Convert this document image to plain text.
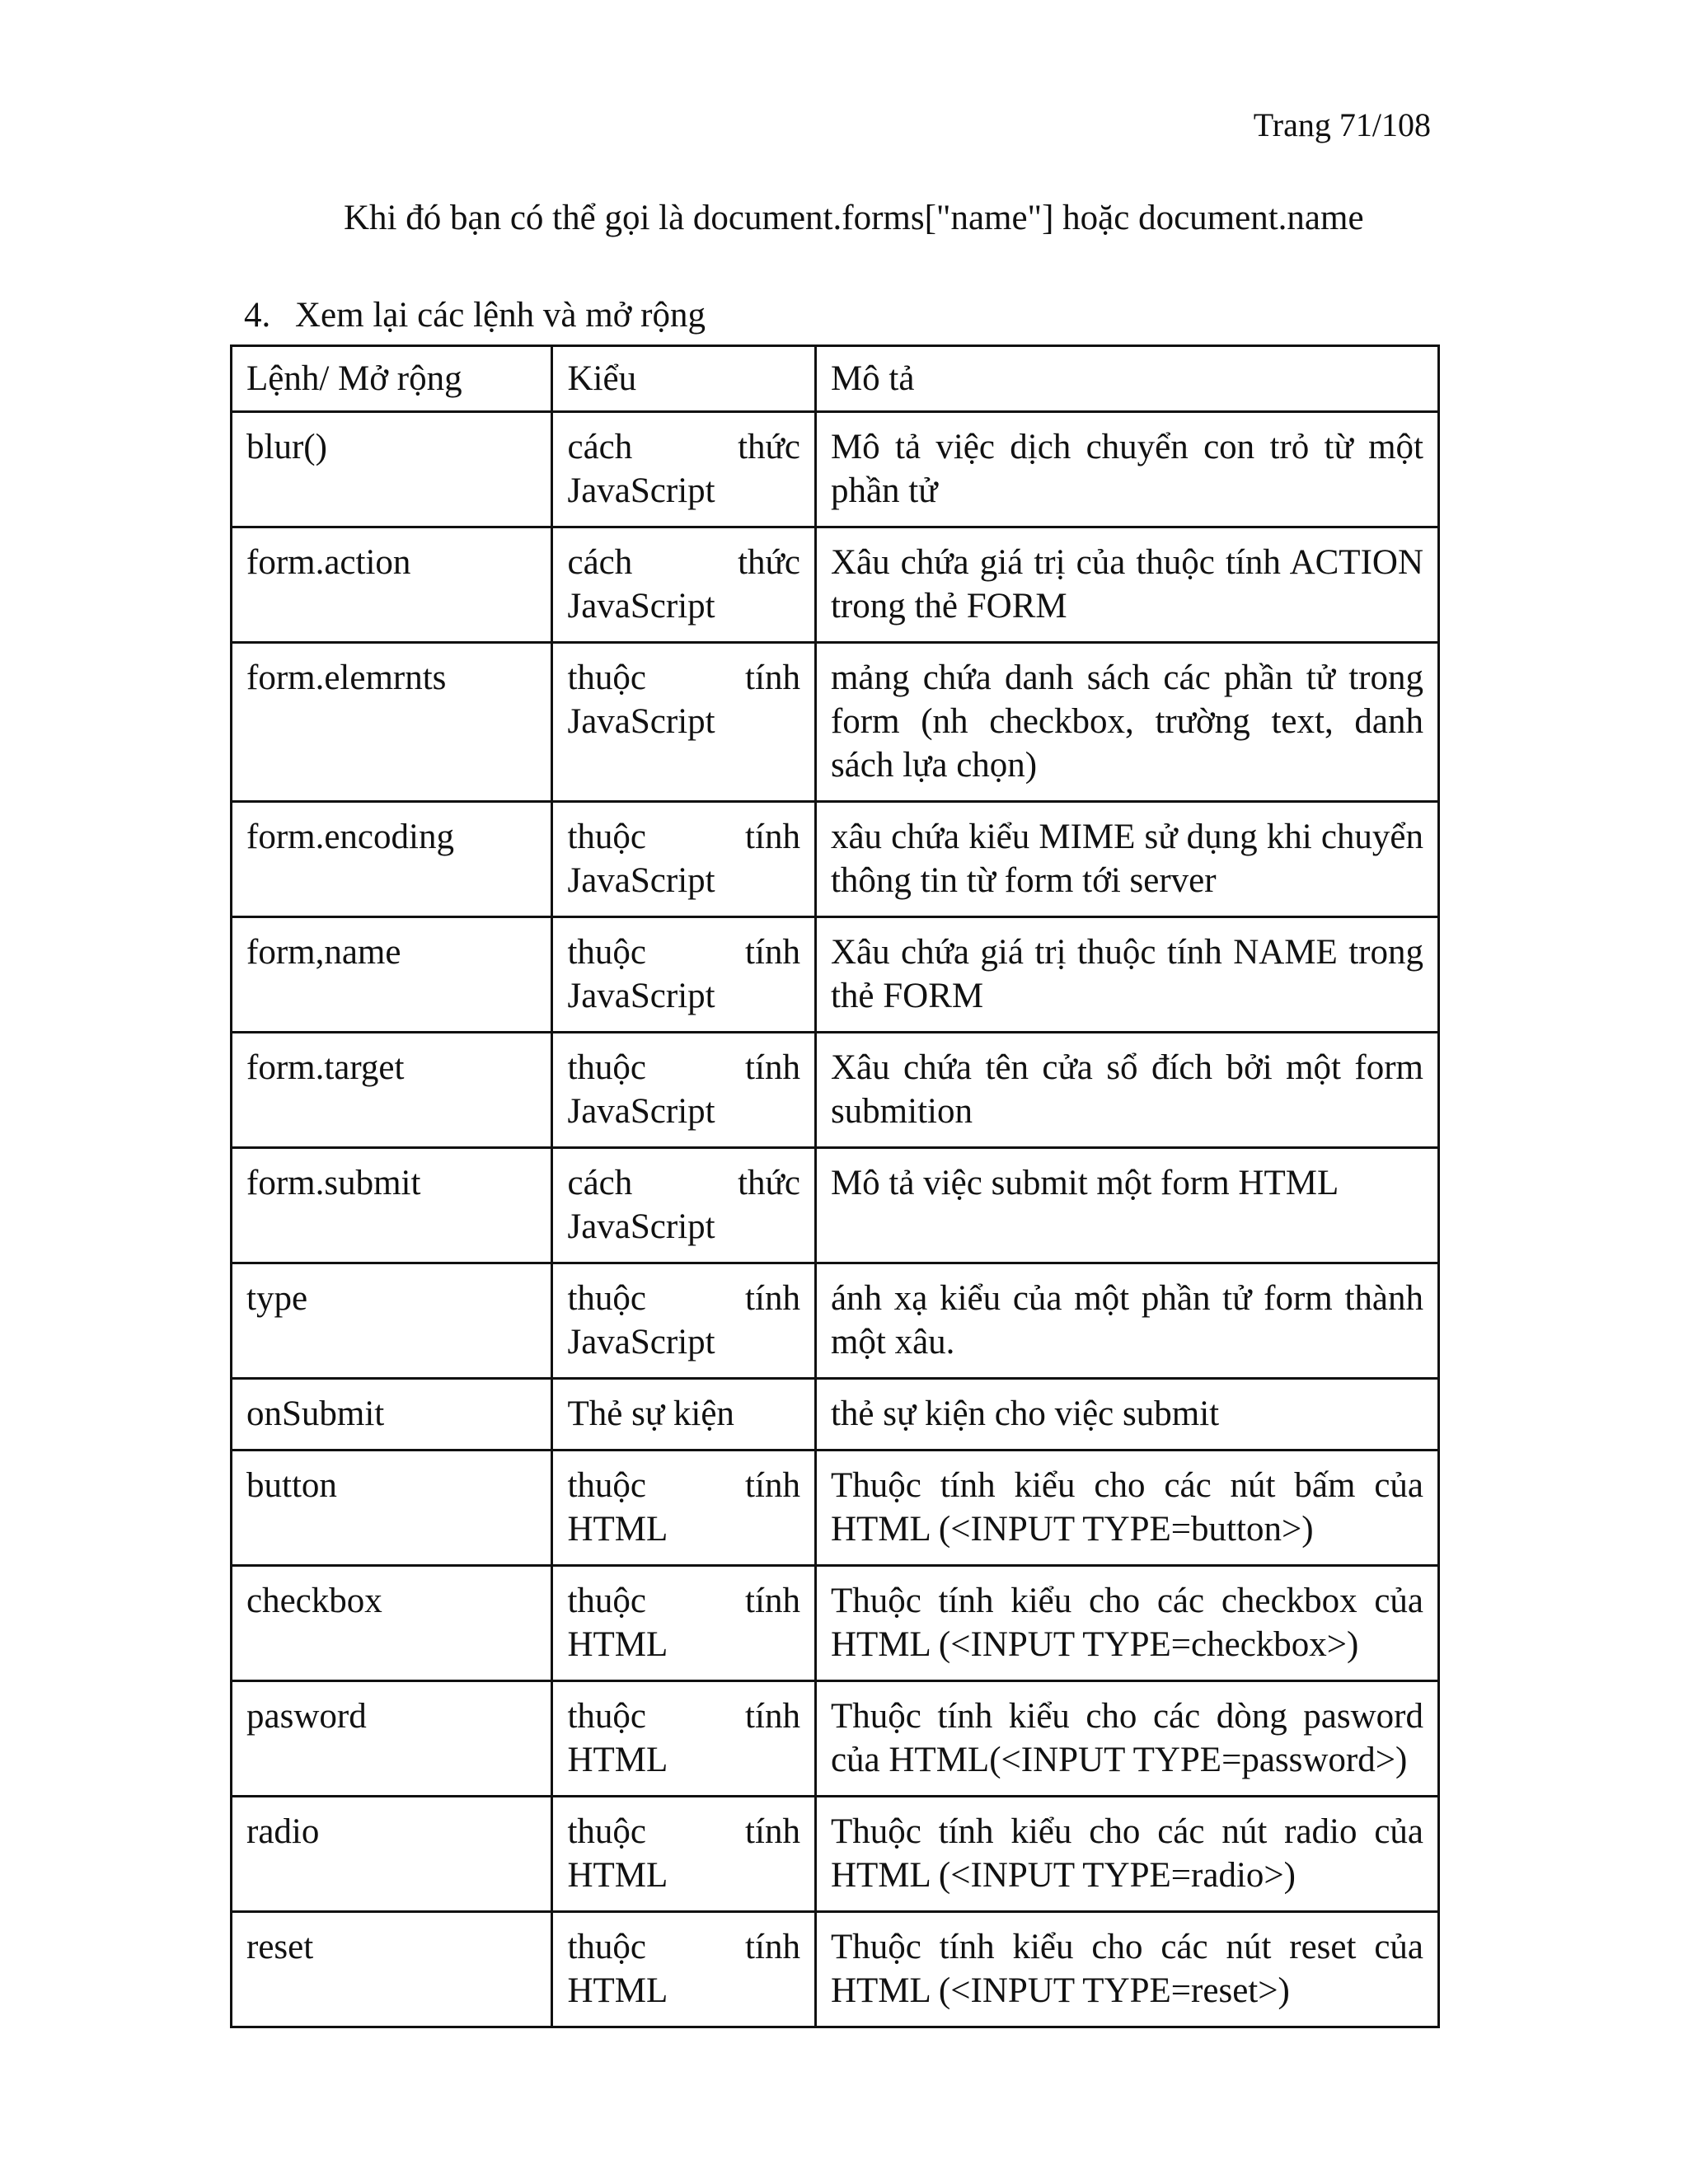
Trang 71/108

Khi đó bạn có thể gọi là document.forms["name"] hoặc document.name

4. Xem lại các lệnh và mở rộng
Lệnh/ Mở rộng	Kiểu	Mô tả
blur()	cách thức JavaScript	Mô tả việc dịch chuyển con trỏ từ một phần tử
form.action	cách thức JavaScript	Xâu chứa giá trị của thuộc tính ACTION trong thẻ FORM
form.elemrnts	thuộc tính JavaScript	mảng chứa danh sách các phần tử trong form (nh checkbox, trường text, danh sách lựa chọn)
form.encoding	thuộc tính JavaScript	xâu chứa kiểu MIME sử dụng khi chuyển thông tin từ form tới server
form,name	thuộc tính JavaScript	Xâu chứa giá trị thuộc tính NAME trong thẻ FORM
form.target	thuộc tính JavaScript	Xâu chứa tên cửa sổ đích bởi một form submition
form.submit	cách thức JavaScript	Mô tả việc submit một form HTML
type	thuộc tính JavaScript	ánh xạ kiểu của một phần tử form thành một xâu.
onSubmit	Thẻ sự kiện	thẻ sự kiện cho việc submit
button	thuộc tính HTML	Thuộc tính kiểu cho các nút bấm của HTML (<INPUT TYPE=button>)
checkbox	thuộc tính HTML	Thuộc tính kiểu cho các checkbox của HTML (<INPUT TYPE=checkbox>)
pasword	thuộc tính HTML	Thuộc tính kiểu cho các dòng pasword của HTML(<INPUT TYPE=password>)
radio	thuộc tính HTML	Thuộc tính kiểu cho các nút radio của HTML (<INPUT TYPE=radio>)
reset	thuộc tính HTML	Thuộc tính kiểu cho các nút reset của HTML (<INPUT TYPE=reset>)
